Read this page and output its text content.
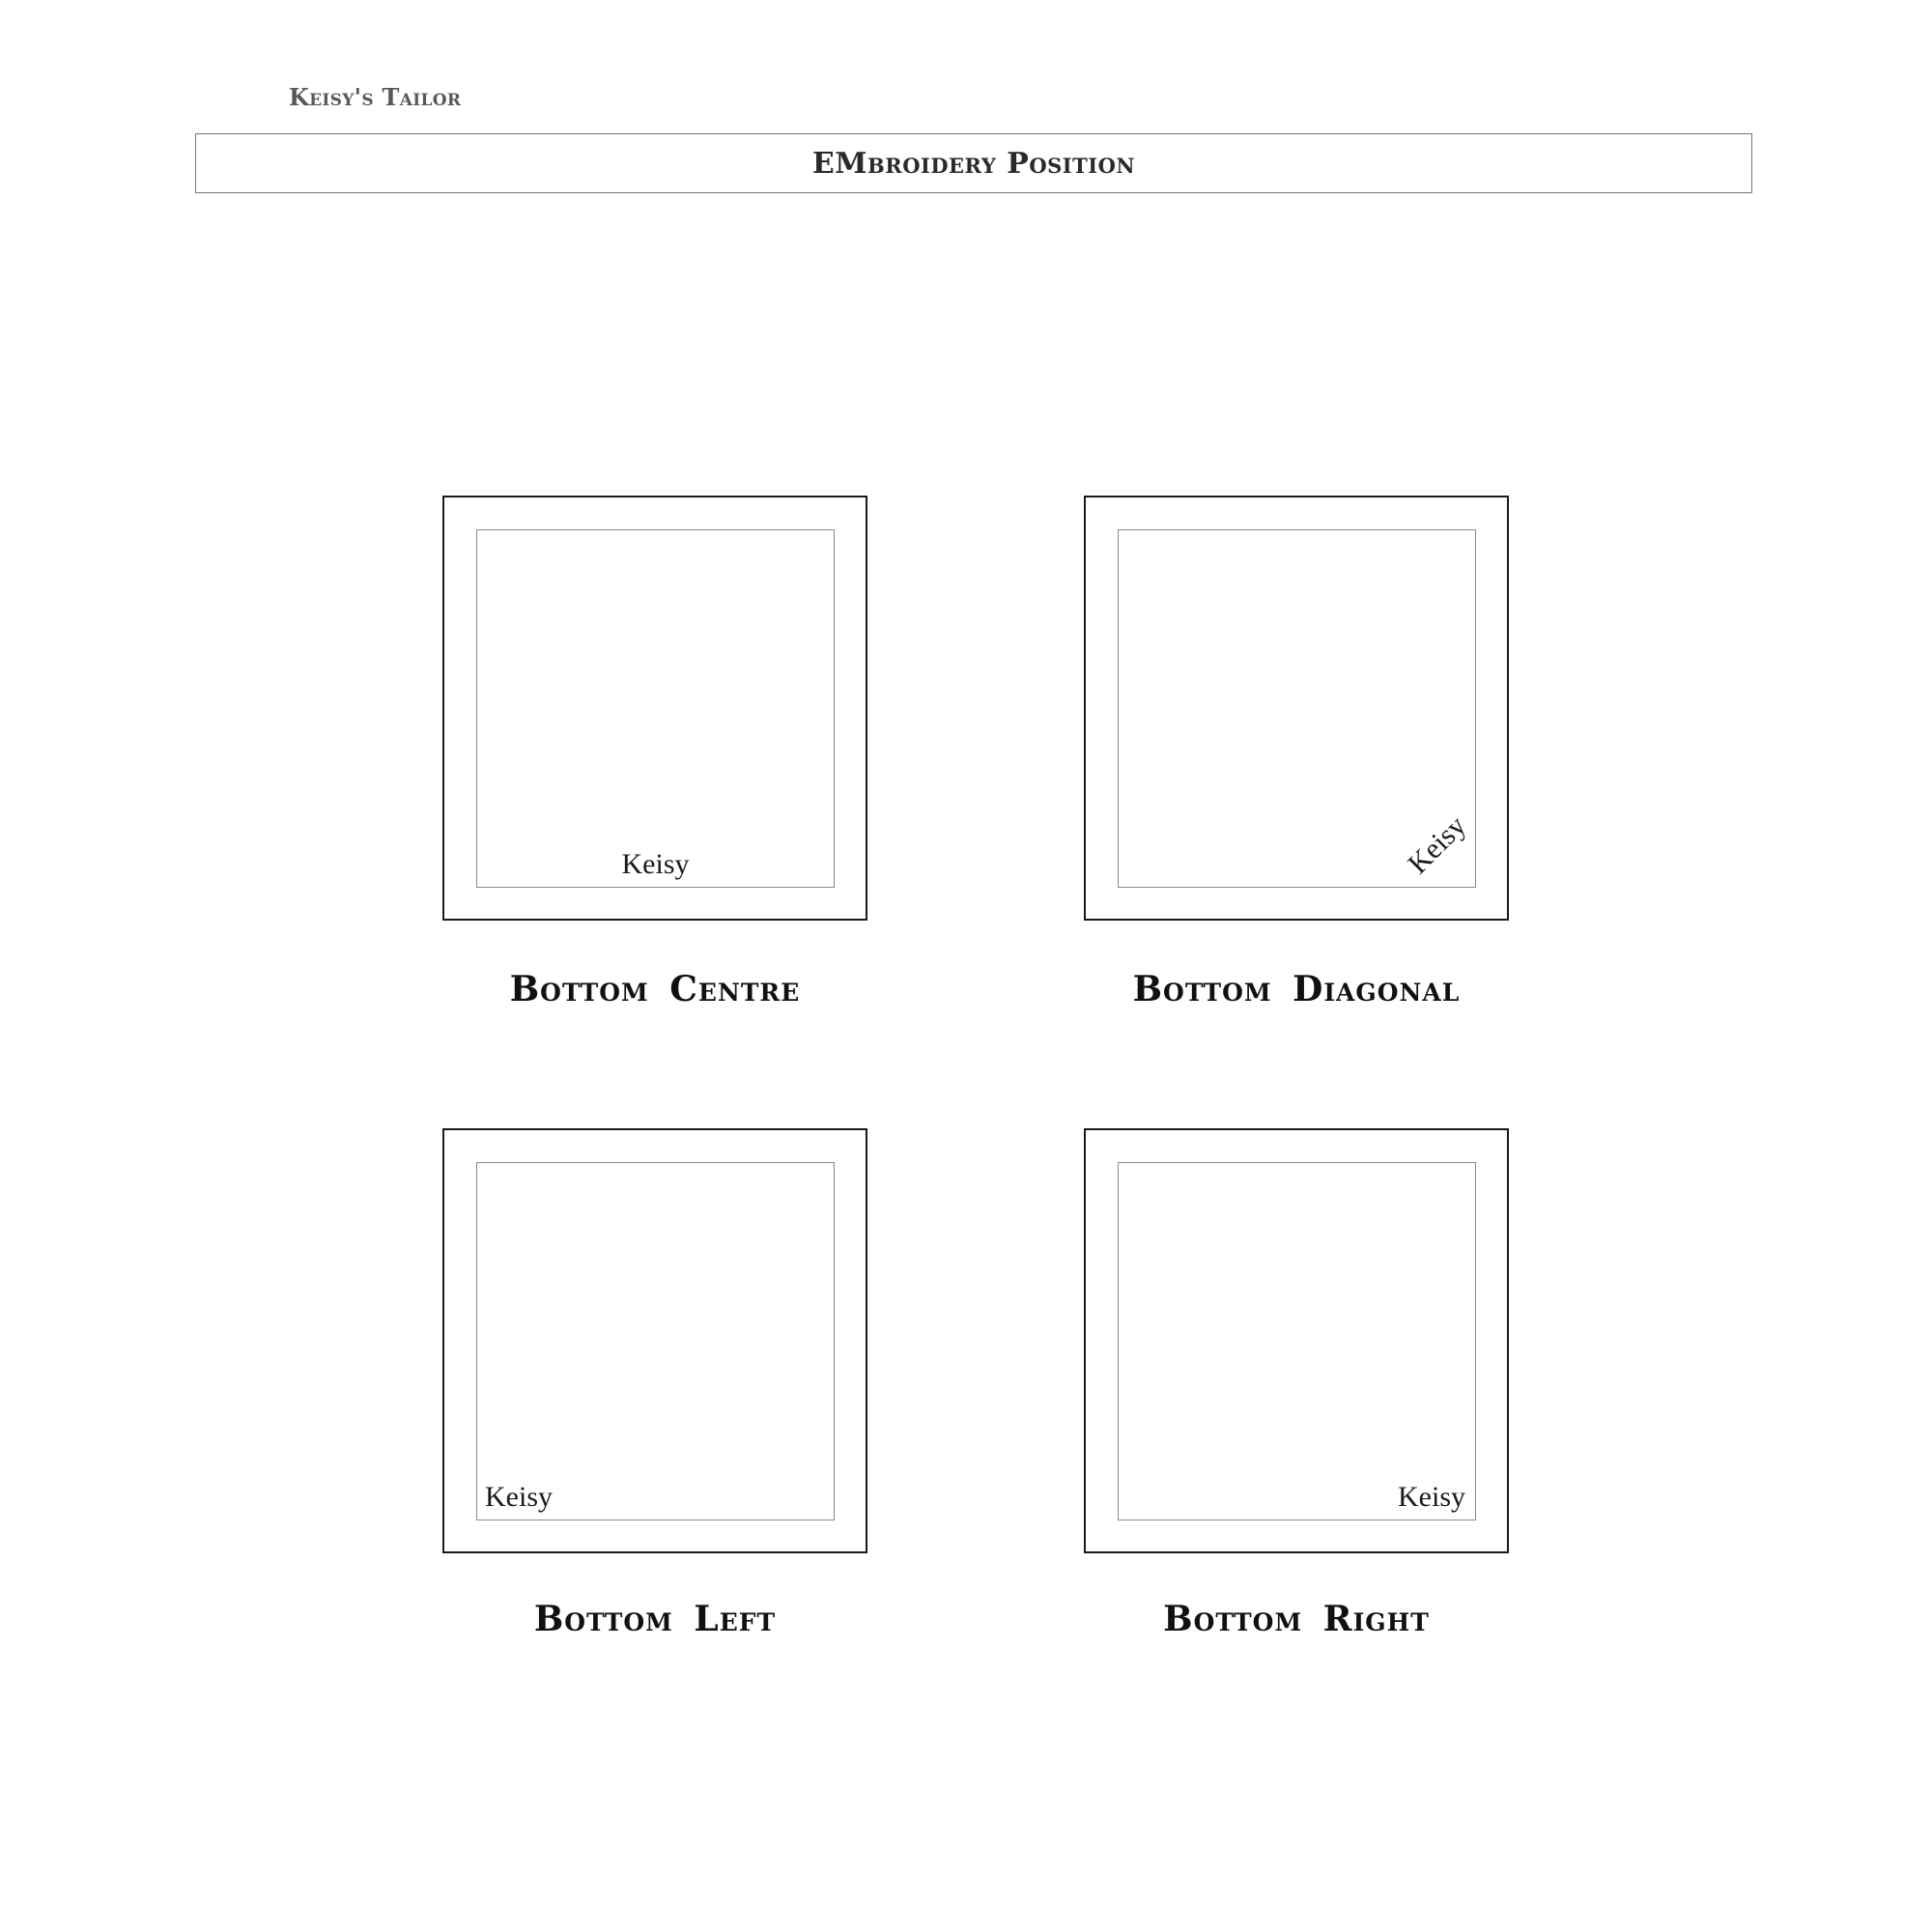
Keisy's Tailor
EMbroidery Position
Keisy
Bottom Centre
Keisy
Bottom Diagonal
Keisy
Bottom Left
Keisy
Bottom Right
